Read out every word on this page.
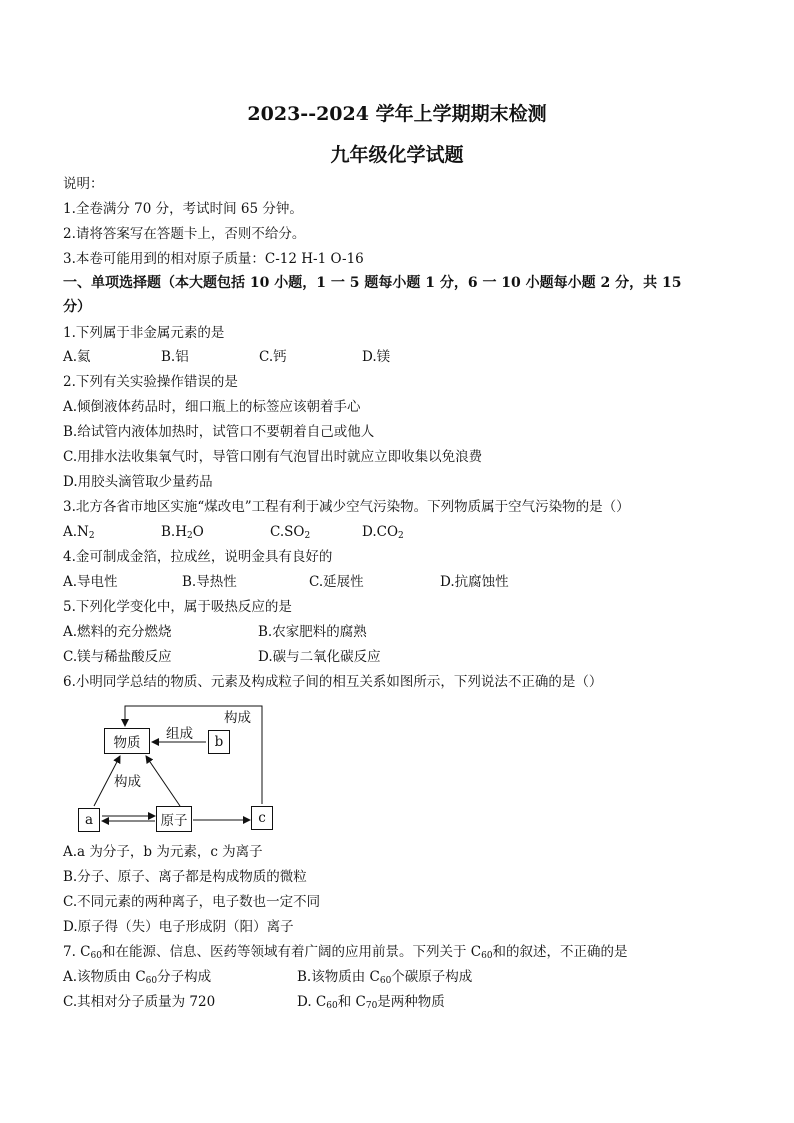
2023--2024 学年上学期期末检测
九年级化学试题
说明：
1.全卷满分 70 分，考试时间 65 分钟。
2.请将答案写在答题卡上，否则不给分。
3.本卷可能用到的相对原子质量：C-12 H-1 O-16
一、单项选择题（本大题包括 10 小题，1 一 5 题每小题 1 分，6 一 10 小题每小题 2 分，共 15
分）
1.下列属于非金属元素的是
A.氦	B.铝	C.钙	D.镁
2.下列有关实验操作错误的是
A.倾倒液体药品时，细口瓶上的标签应该朝着手心
B.给试管内液体加热时，试管口不要朝着自己或他人
C.用排水法收集氧气时，导管口刚有气泡冒出时就应立即收集以免浪费
D.用胶头滴管取少量药品
3.北方各省市地区实施“煤改电”工程有利于减少空气污染物。下列物质属于空气污染物的是（）
$A.N_2$	$B.H_2O$	$C.SO_2$	$D.CO_2$
4.金可制成金箔，拉成丝，说明金具有良好的
A.导电性	B.导热性	C.延展性	D.抗腐蚀性
5.下列化学变化中，属于吸热反应的是
A.燃料的充分燃烧	B.农家肥料的腐熟
C.镁与稀盐酸反应	D.碳与二氧化碳反应
6.小明同学总结的物质、元素及构成粒子间的相互关系如图所示，下列说法不正确的是（）
物质	b
原子
a	c
组成
构成
构成
A.a 为分子，b 为元素，c 为离子
B.分子、原子、离子都是构成物质的微粒
C.不同元素的两种离子，电子数也一定不同
D.原子得（失）电子形成阴（阳）离子
7. $C_{60}$和在能源、信息、医药等领域有着广阔的应用前景。下列关于 $C_{60}$和的叙述，不正确的是
A.该物质由 $C_{60}$分子构成	B.该物质由 $C_{60}$个碳原子构成
C.其相对分子质量为 720	D. $C_{60}$和 $C_{70}$是两种物质
